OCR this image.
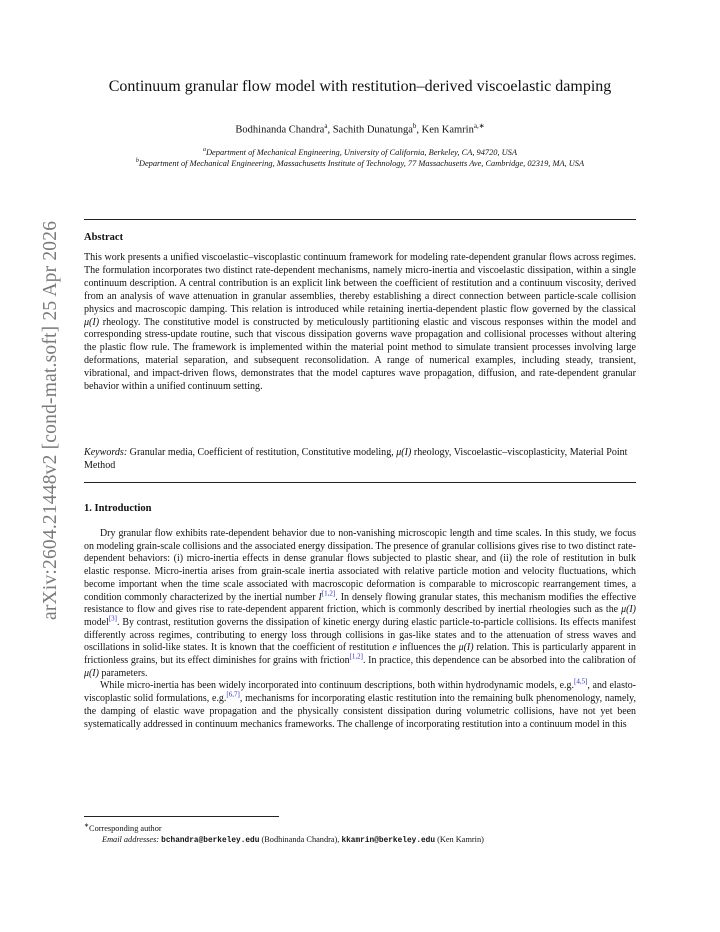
arXiv:2604.21448v2 [cond-mat.soft] 25 Apr 2026
Continuum granular flow model with restitution–derived viscoelastic damping
Bodhinanda Chandra$^a$, Sachith Dunatunga$^b$, Ken Kamrin$^{a,∗}$
$^a$Department of Mechanical Engineering, University of California, Berkeley, CA, 94720, USA
$^b$Department of Mechanical Engineering, Massachusetts Institute of Technology, 77 Massachusetts Ave, Cambridge, 02319, MA, USA
Abstract
This work presents a unified viscoelastic–viscoplastic continuum framework for modeling rate-dependent granular flows across regimes. The formulation incorporates two distinct rate-dependent mechanisms, namely micro-inertia and viscoelastic dissipation, within a single continuum description. A central contribution is an explicit link between the coefficient of restitution and a continuum viscosity, derived from an analysis of wave attenuation in granular assemblies, thereby establishing a direct connection between particle-scale collision physics and macroscopic damping. This relation is introduced while retaining inertia-dependent plastic flow governed by the classical μ(I) rheology. The constitutive model is constructed by meticulously partitioning elastic and viscous responses within the model and corresponding stress-update routine, such that viscous dissipation governs wave propagation and collisional processes without altering the plastic flow rule. The framework is implemented within the material point method to simulate transient processes involving large deformations, material separation, and subsequent reconsolidation. A range of numerical examples, including steady, transient, vibrational, and impact-driven flows, demonstrates that the model captures wave propagation, diffusion, and rate-dependent granular behavior within a unified continuum setting.
Keywords: Granular media, Coefficient of restitution, Constitutive modeling, μ(I) rheology, Viscoelastic–viscoplasticity, Material Point Method
1. Introduction

Dry granular flow exhibits rate-dependent behavior due to non-vanishing microscopic length and time scales. In this study, we focus on modeling grain-scale collisions and the associated energy dissipation. The presence of granular collisions gives rise to two distinct rate-dependent behaviors: (i) micro-inertia effects in dense granular flows subjected to plastic shear, and (ii) the role of restitution in bulk elastic response. Micro-inertia arises from grain-scale inertia associated with relative particle motion and velocity fluctuations, which become important when the time scale associated with macroscopic deformation is comparable to microscopic rearrangement times, a condition commonly characterized by the inertial number I[1,2]. In densely flowing granular states, this mechanism modifies the effective resistance to flow and gives rise to rate-dependent apparent friction, which is commonly described by inertial rheologies such as the μ(I) model[3]. By contrast, restitution governs the dissipation of kinetic energy during elastic particle-to-particle collisions. Its effects manifest differently across regimes, contributing to energy loss through collisions in gas-like states and to the attenuation of stress waves and oscillations in solid-like states. It is known that the coefficient of restitution e influences the μ(I) relation. This is particularly apparent in frictionless grains, but its effect diminishes for grains with friction[1,2]. In practice, this dependence can be absorbed into the calibration of μ(I) parameters.

While micro-inertia has been widely incorporated into continuum descriptions, both within hydrodynamic models, e.g.[4,5], and elasto-viscoplastic solid formulations, e.g.[6,7], mechanisms for incorporating elastic restitution into the remaining bulk phenomenology, namely, the damping of elastic wave propagation and the physically consistent dissipation during volumetric collisions, have not yet been systematically addressed in continuum mechanics frameworks. The challenge of incorporating restitution into a continuum model in this

∗Corresponding author
Email addresses: bchandra@berkeley.edu (Bodhinanda Chandra), kkamrin@berkeley.edu (Ken Kamrin)
